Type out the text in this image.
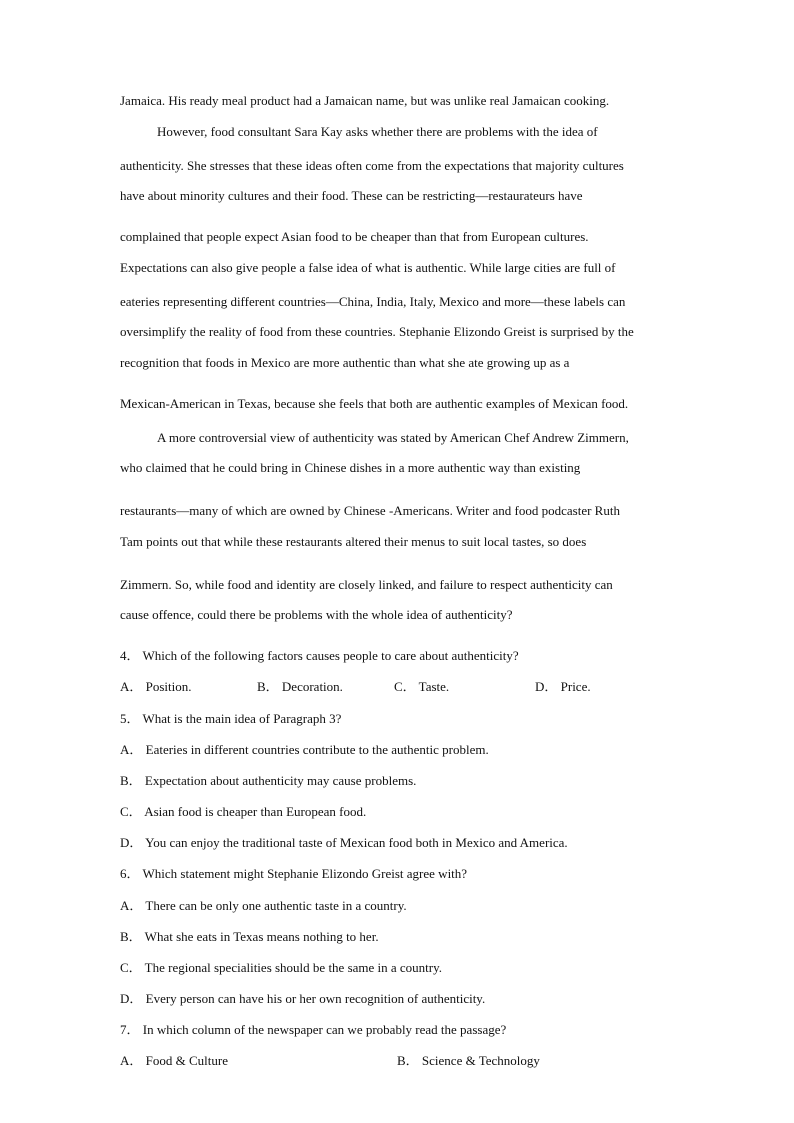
Jamaica. His ready meal product had a Jamaican name, but was unlike real Jamaican cooking.
However, food consultant Sara Kay asks whether there are problems with the idea of
authenticity. She stresses that these ideas often come from the expectations that majority cultures
have about minority cultures and their food. These can be restricting—restaurateurs have
complained that people expect Asian food to be cheaper than that from European cultures.
Expectations can also give people a false idea of what is authentic. While large cities are full of
eateries representing different countries—China, India, Italy, Mexico and more—these labels can
oversimplify the reality of food from these countries. Stephanie Elizondo Greist is surprised by the
recognition that foods in Mexico are more authentic than what she ate growing up as a
Mexican-American in Texas, because she feels that both are authentic examples of Mexican food.
A more controversial view of authenticity was stated by American Chef Andrew Zimmern,
who claimed that he could bring in Chinese dishes in a more authentic way than existing
restaurants—many of which are owned by Chinese -Americans. Writer and food podcaster Ruth
Tam points out that while these restaurants altered their menus to suit local tastes, so does
Zimmern. So, while food and identity are closely linked, and failure to respect authenticity can
cause offence, could there be problems with the whole idea of authenticity?
4． Which of the following factors causes people to care about authenticity?
A． Position.	B． Decoration.	C． Taste.	D． Price.
5． What is the main idea of Paragraph 3?
A． Eateries in different countries contribute to the authentic problem.
B． Expectation about authenticity may cause problems.
C． Asian food is cheaper than European food.
D． You can enjoy the traditional taste of Mexican food both in Mexico and America.
6． Which statement might Stephanie Elizondo Greist agree with?
A． There can be only one authentic taste in a country.
B． What she eats in Texas means nothing to her.
C． The regional specialities should be the same in a country.
D． Every person can have his or her own recognition of authenticity.
7． In which column of the newspaper can we probably read the passage?
A． Food & Culture	B． Science & Technology
